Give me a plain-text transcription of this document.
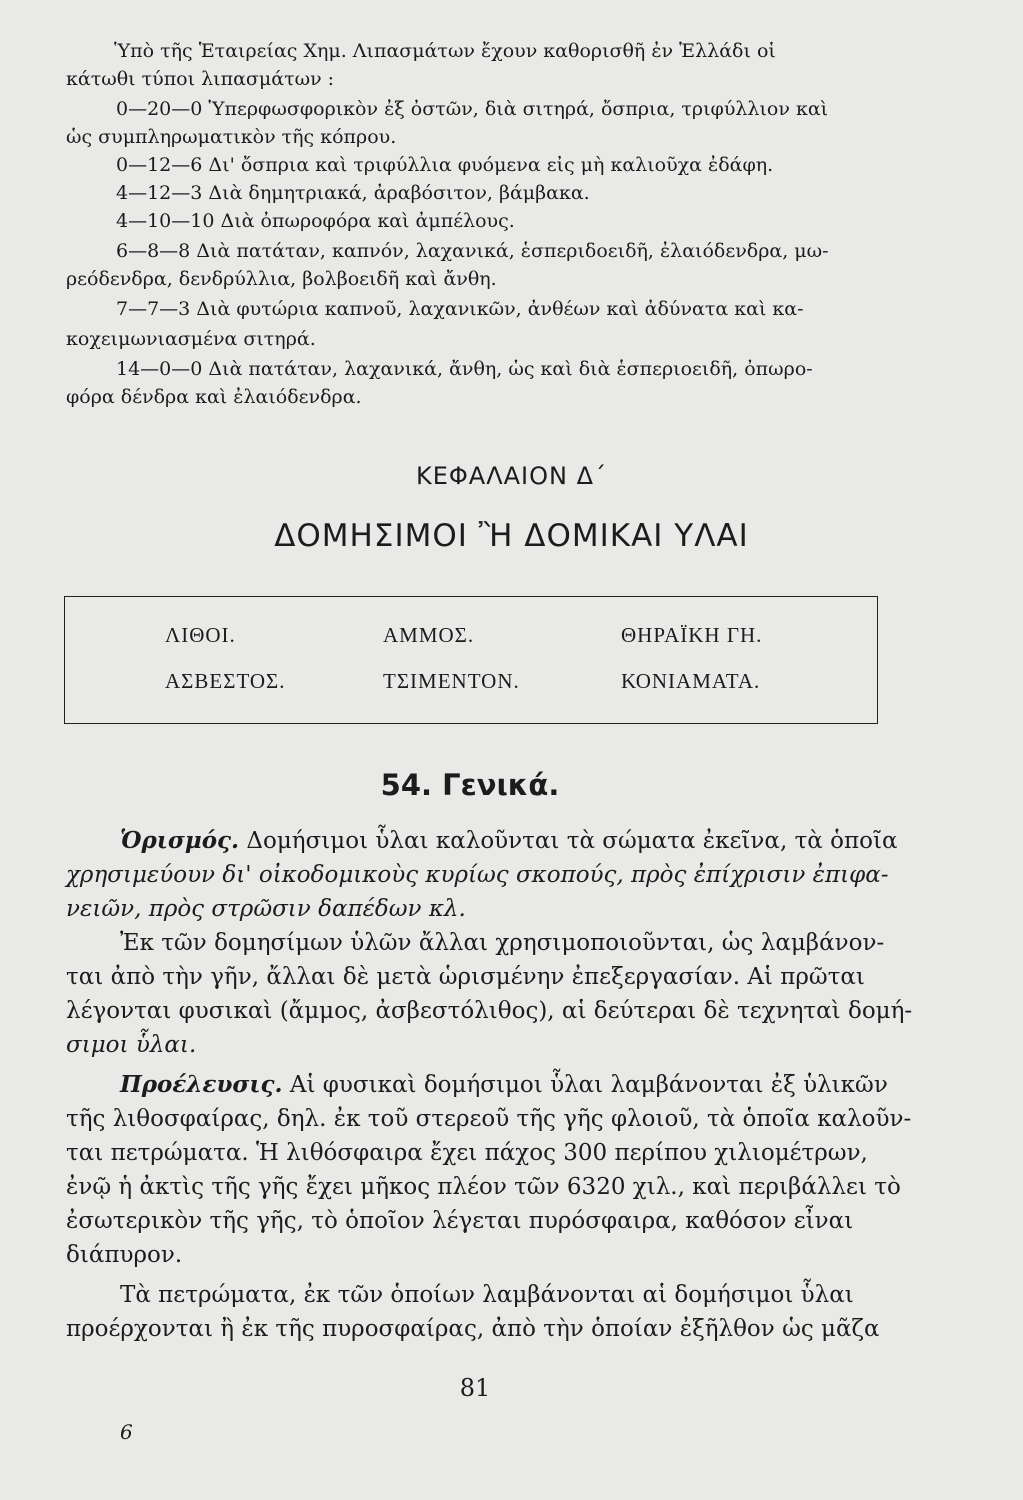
Ὑπὸ τῆς Ἑταιρείας Χημ. Λιπασμάτων ἔχουν καθορισθῆ ἐν Ἑλλάδι οἱ
κάτωθι τύποι λιπασμάτων :
0—20—0 Ὑπερφωσφορικὸν ἐξ ὀστῶν, διὰ σιτηρά, ὄσπρια, τριφύλλιον καὶ
ὡς συμπληρωματικὸν τῆς κόπρου.
0—12—6 Δι' ὄσπρια καὶ τριφύλλια φυόμενα εἰς μὴ καλιοῦχα ἐδάφη.
4—12—3 Διὰ δημητριακά, ἀραβόσιτον, βάμβακα.
4—10—10 Διὰ ὀπωροφόρα καὶ ἀμπέλους.
6—8—8 Διὰ πατάταν, καπνόν, λαχανικά, ἑσπεριδοειδῆ, ἐλαιόδενδρα, μω-
ρεόδενδρα, δενδρύλλια, βολβοειδῆ καὶ ἄνθη.
7—7—3 Διὰ φυτώρια καπνοῦ, λαχανικῶν, ἀνθέων καὶ ἀδύνατα καὶ κα-
κοχειμωνιασμένα σιτηρά.
14—0—0 Διὰ πατάταν, λαχανικά, ἄνθη, ὡς καὶ διὰ ἑσπεριοειδῆ, ὀπωρο-
φόρα δένδρα καὶ ἐλαιόδενδρα.
ΚΕΦΑΛΑΙΟΝ Δ΄
ΔΟΜΗΣΙΜΟΙ Ἢ ΔΟΜΙΚΑΙ ΥΛΑΙ
ΛΙΘΟΙ.	ΑΜΜΟΣ.	ΘΗΡΑΪΚΗ ΓΗ.
ΑΣΒΕΣΤΟΣ.	ΤΣΙΜΕΝΤΟΝ.	ΚΟΝΙΑΜΑΤΑ.
54. Γενικά.
Ὁρισμός. Δομήσιμοι ὗλαι καλοῦνται τὰ σώματα ἐκεῖνα, τὰ ὁποῖα
χρησιμεύουν δι' οἰκοδομικοὺς κυρίως σκοπούς, πρὸς ἐπίχρισιν ἐπιφα-
νειῶν, πρὸς στρῶσιν δαπέδων κλ.
Ἐκ τῶν δομησίμων ὑλῶν ἄλλαι χρησιμοποιοῦνται, ὡς λαμβάνον-
ται ἀπὸ τὴν γῆν, ἄλλαι δὲ μετὰ ὡρισμένην ἐπεξεργασίαν. Αἱ πρῶται
λέγονται φυσικαὶ (ἄμμος, ἀσβεστόλιθος), αἱ δεύτεραι δὲ τεχνηταὶ δομή-
σιμοι ὗλαι.
Προέλευσις. Αἱ φυσικαὶ δομήσιμοι ὗλαι λαμβάνονται ἐξ ὑλικῶν
τῆς λιθοσφαίρας, δηλ. ἐκ τοῦ στερεοῦ τῆς γῆς φλοιοῦ, τὰ ὁποῖα καλοῦν-
ται πετρώματα. Ἡ λιθόσφαιρα ἔχει πάχος 300 περίπου χιλιομέτρων,
ἐνῷ ἡ ἀκτὶς τῆς γῆς ἔχει μῆκος πλέον τῶν 6320 χιλ., καὶ περιβάλλει τὸ
ἐσωτερικὸν τῆς γῆς, τὸ ὁποῖον λέγεται πυρόσφαιρα, καθόσον εἶναι
διάπυρον.
Τὰ πετρώματα, ἐκ τῶν ὁποίων λαμβάνονται αἱ δομήσιμοι ὗλαι
προέρχονται ἢ ἐκ τῆς πυροσφαίρας, ἀπὸ τὴν ὁποίαν ἐξῆλθον ὡς μᾶζα
81
6
